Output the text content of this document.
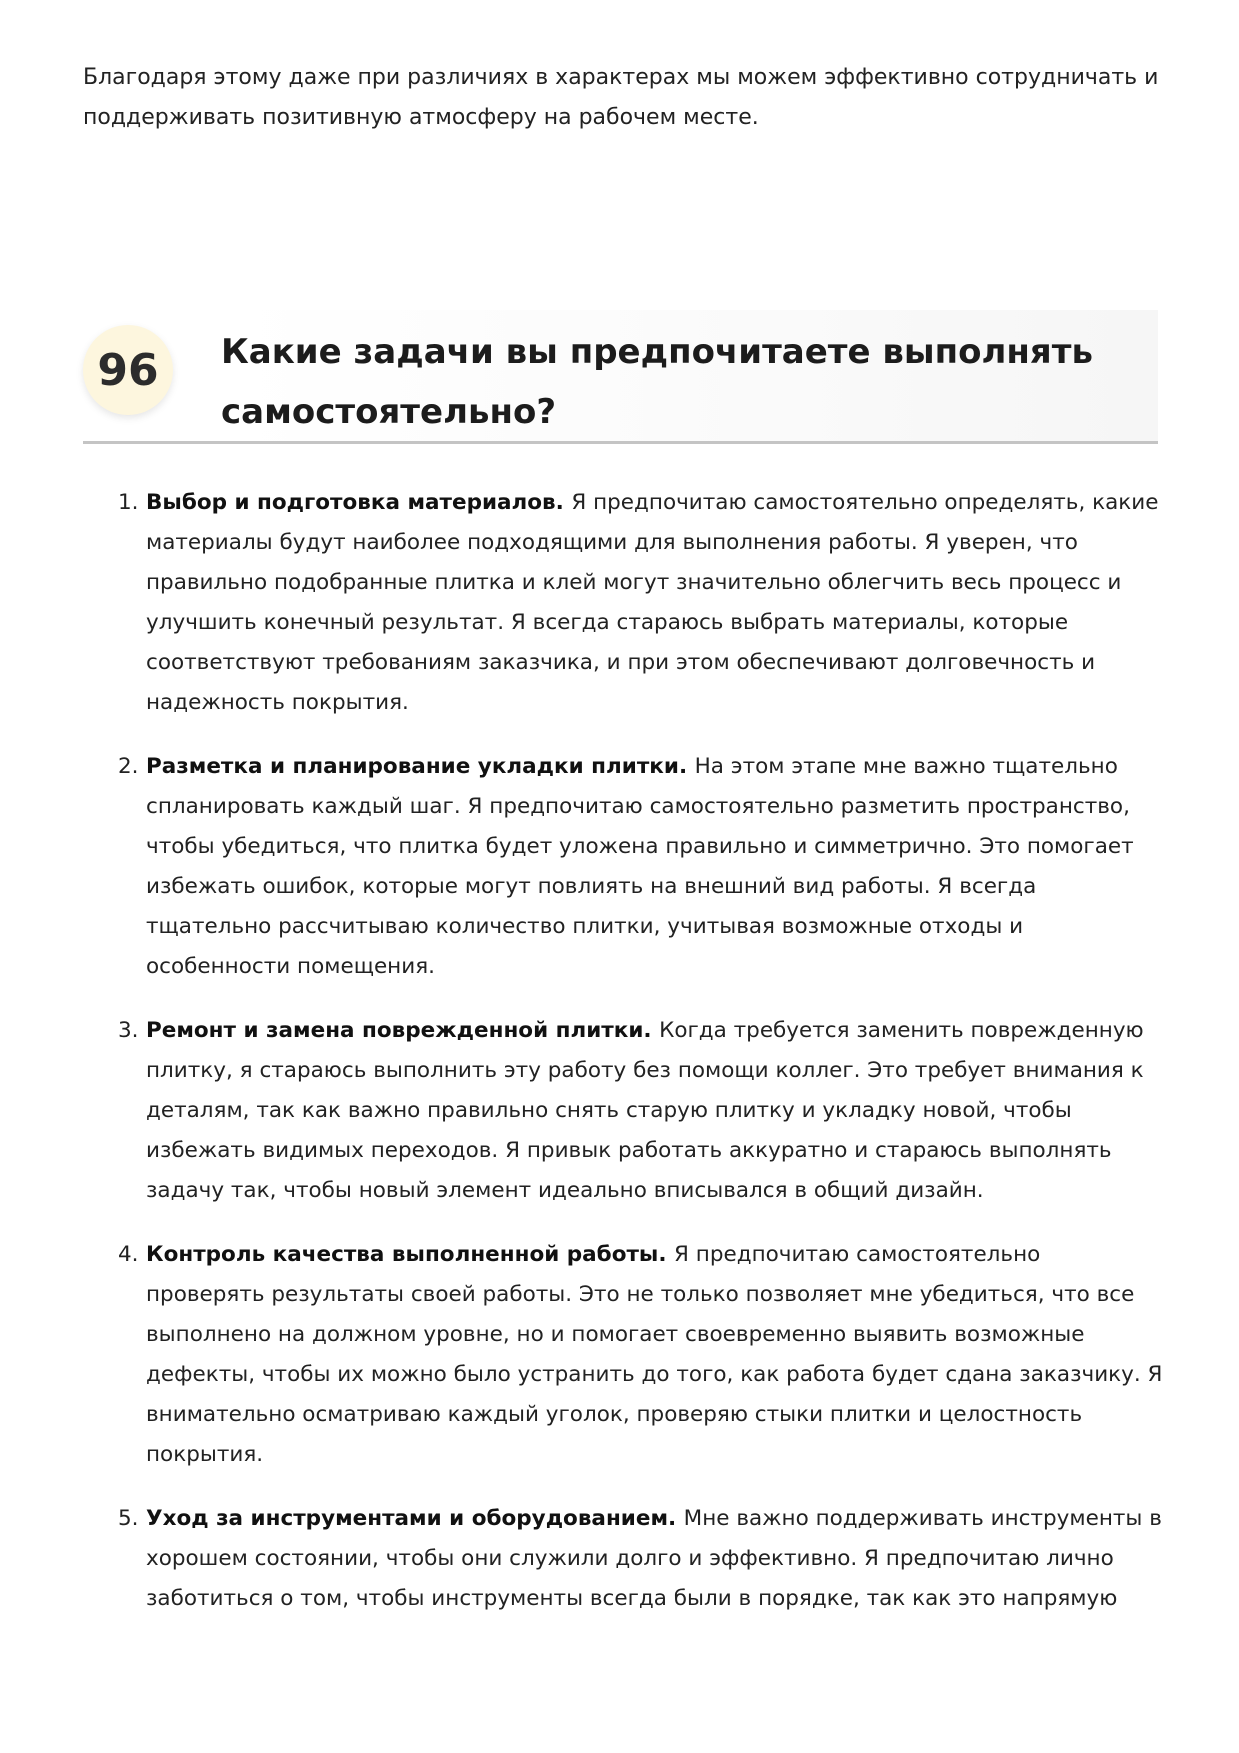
Благодаря этому даже при различиях в характерах мы можем эффективно сотрудничать и поддерживать позитивную атмосферу на рабочем месте.

96	Какие задачи вы предпочитаете выполнять самостоятельно?
1. Выбор и подготовка материалов. Я предпочитаю самостоятельно определять, какие материалы будут наиболее подходящими для выполнения работы. Я уверен, что правильно подобранные плитка и клей могут значительно облегчить весь процесс и улучшить конечный результат. Я всегда стараюсь выбрать материалы, которые соответствуют требованиям заказчика, и при этом обеспечивают долговечность и надежность покрытия.
2. Разметка и планирование укладки плитки. На этом этапе мне важно тщательно спланировать каждый шаг. Я предпочитаю самостоятельно разметить пространство, чтобы убедиться, что плитка будет уложена правильно и симметрично. Это помогает избежать ошибок, которые могут повлиять на внешний вид работы. Я всегда тщательно рассчитываю количество плитки, учитывая возможные отходы и особенности помещения.
3. Ремонт и замена поврежденной плитки. Когда требуется заменить поврежденную плитку, я стараюсь выполнить эту работу без помощи коллег. Это требует внимания к деталям, так как важно правильно снять старую плитку и укладку новой, чтобы избежать видимых переходов. Я привык работать аккуратно и стараюсь выполнять задачу так, чтобы новый элемент идеально вписывался в общий дизайн.
4. Контроль качества выполненной работы. Я предпочитаю самостоятельно проверять результаты своей работы. Это не только позволяет мне убедиться, что все выполнено на должном уровне, но и помогает своевременно выявить возможные дефекты, чтобы их можно было устранить до того, как работа будет сдана заказчику. Я внимательно осматриваю каждый уголок, проверяю стыки плитки и целостность покрытия.
5. Уход за инструментами и оборудованием. Мне важно поддерживать инструменты в хорошем состоянии, чтобы они служили долго и эффективно. Я предпочитаю лично заботиться о том, чтобы инструменты всегда были в порядке, так как это напрямую
